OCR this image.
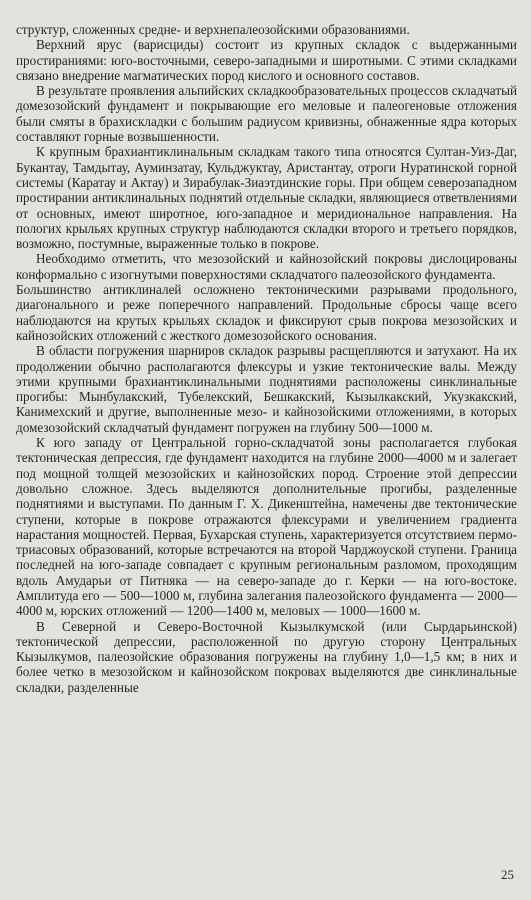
структур, сложенных средне- и верхнепалеозойскими образованиями.

Верхний ярус (варисциды) состоит из крупных складок с выдержанными простираниями: юго-восточными, северо-западными и широтными. С этими складками связано внедрение магматических пород кислого и основного составов.

В результате проявления альпийских складкообразовательных процессов складчатый домезозойский фундамент и покрывающие его меловые и палеогеновые отложения были смяты в брахискладки с большим радиусом кривизны, обнаженные ядра которых составляют горные возвышенности.

К крупным брахиантиклинальным складкам такого типа относятся Султан-Уиз-Даг, Букантау, Тамдытау, Ауминзатау, Кульджуктау, Аристантау, отроги Нуратинской горной системы (Каратау и Актау) и Зирабулак-Зиаэтдинские горы. При общем северозападном простирании антиклинальных поднятий отдельные складки, являющиеся ответвлениями от основных, имеют широтное, юго-западное и меридиональное направления. На пологих крыльях крупных структур наблюдаются складки второго и третьего порядков, возможно, постумные, выраженные только в покрове.

Необходимо отметить, что мезозойский и кайнозойский покровы дислоцированы конформально с изогнутыми поверхностями складчатого палеозойского фундамента.

Большинство антиклиналей осложнено тектоническими разрывами продольного, диагонального и реже поперечного направлений. Продольные сбросы чаще всего наблюдаются на крутых крыльях складок и фиксируют срыв покрова мезозойских и кайнозойских отложений с жесткого домезозойского основания.

В области погружения шарниров складок разрывы расщепляются и затухают. На их продолжении обычно располагаются флексуры и узкие тектонические валы. Между этими крупными брахиантиклинальными поднятиями расположены синклинальные прогибы: Мынбулакский, Тубелекский, Бешкакский, Кызылкакский, Укузкакский, Канимехский и другие, выполненные мезо- и кайнозойскими отложениями, в которых домезозойский складчатый фундамент погружен на глубину 500—1000 м.

К юго западу от Центральной горно-складчатой зоны располагается глубокая тектоническая депрессия, где фундамент находится на глубине 2000—4000 м и залегает под мощной толщей мезозойских и кайнозойских пород. Строение этой депрессии довольно сложное. Здесь выделяются дополнительные прогибы, разделенные поднятиями и выступами. По данным Г. Х. Дикенштейна, намечены две тектонические ступени, которые в покрове отражаются флексурами и увеличением градиента нарастания мощностей. Первая, Бухарская ступень, характеризуется отсутствием пермо-триасовых образований, которые встречаются на второй Чарджоуской ступени. Граница последней на юго-западе совпадает с крупным региональным разломом, проходящим вдоль Амударьи от Питняка — на северо-западе до г. Керки — на юго-востоке. Амплитуда его — 500—1000 м, глубина залегания палеозойского фундамента — 2000—4000 м, юрских отложений — 1200—1400 м, меловых — 1000—1600 м.

В Северной и Северо-Восточной Кызылкумской (или Сырдарьинской) тектонической депрессии, расположенной по другую сторону Центральных Кызылкумов, палеозойские образования погружены на глубину 1,0—1,5 км; в них и более четко в мезозойском и кайнозойском покровах выделяются две синклинальные складки, разделенные

25
